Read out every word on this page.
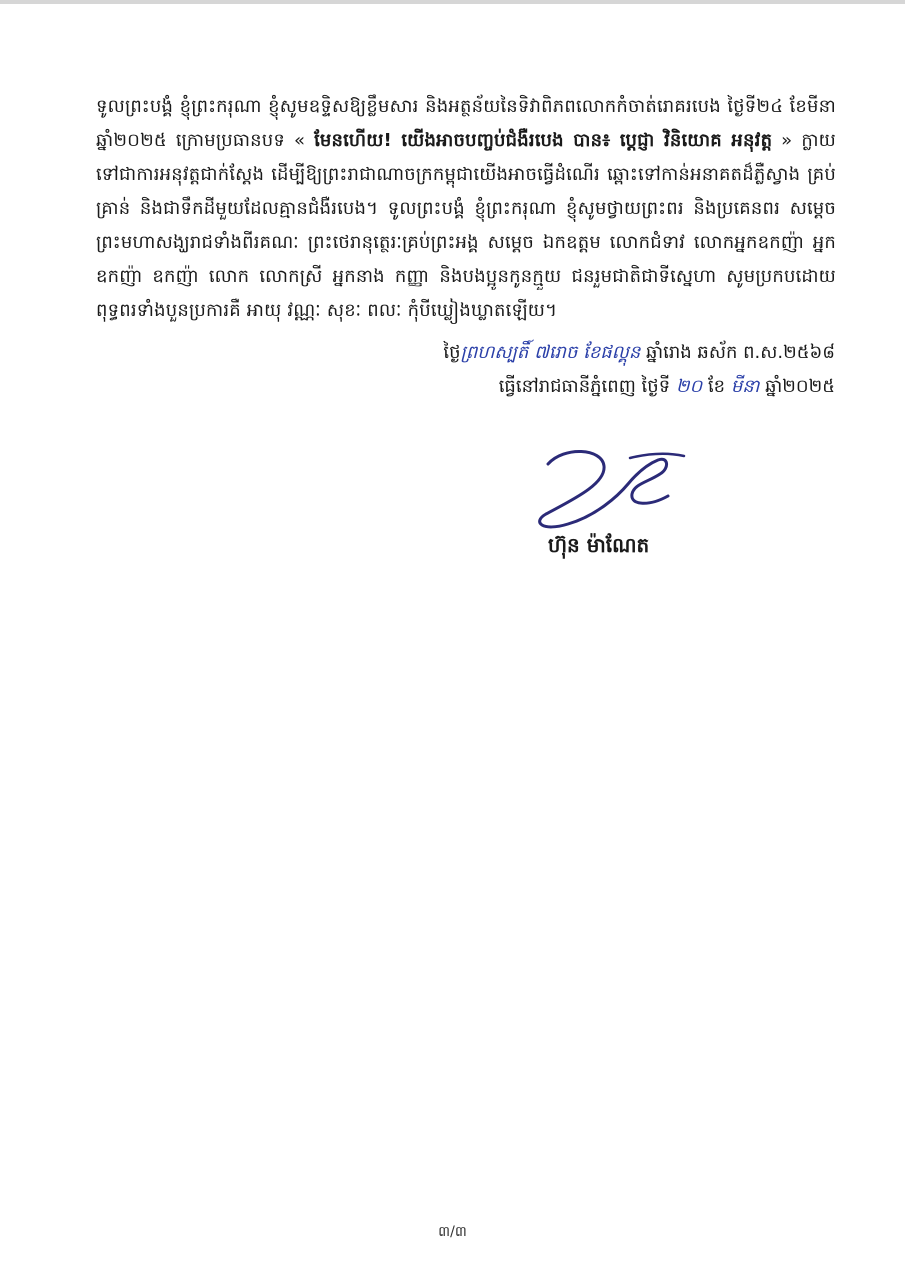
ទូលព្រះបង្គំ ខ្ញុំព្រះករុណា ខ្ញុំសូមឧទ្ទិសឱ្យខ្លឹមសារ និងអត្ថន័យនៃទិវាពិភពលោកកំចាត់រោគរបេង ថ្ងៃទី២៤ ខែមីនា ឆ្នាំ២០២៥ ក្រោមប្រធានបទ « មែនហើយ! យើងអាចបញ្ចប់ជំងឺរបេង បាន៖ ប្ដេជ្ញា វិនិយោគ អនុវត្ត » ក្លាយទៅជាការអនុវត្តជាក់ស្តែង ដើម្បីឱ្យព្រះរាជាណាចក្រកម្ពុជាយើងអាចធ្វើដំណើរ ឆ្ពោះទៅកាន់អនាគតដ៏ភ្លឺស្វាង គ្រប់គ្រាន់ និងជាទឹកដីមួយដែលគ្មានជំងឺរបេង។ ទូលព្រះបង្គំ ខ្ញុំព្រះករុណា ខ្ញុំសូមថ្វាយព្រះពរ និងប្រគេនពរ សម្ដេចព្រះមហាសង្ឃរាជទាំងពីរគណៈ ព្រះថេរានុត្ថេរៈគ្រប់ព្រះអង្គ សម្តេច ឯកឧត្តម លោកជំទាវ លោកអ្នកឧកញ៉ា អ្នកឧកញ៉ា ឧកញ៉ា លោក លោកស្រី អ្នកនាង កញ្ញា និងបងប្អូនកូនក្មួយ ជនរួមជាតិជាទីស្នេហា សូមប្រកបដោយពុទ្ធពរទាំងបួនប្រការគឺ អាយុ វណ្ណៈ សុខៈ ពលៈ កុំបីឃ្លៀងឃ្លាតឡើយ។
ថ្ងៃព្រហស្បតិ៍ ៧រោច ខែផល្គុន ឆ្នាំរោង ឆស័ក ព.ស.២៥៦៨
ធ្វើនៅរាជធានីភ្នំពេញ ថ្ងៃទី ២០ ខែ មីនា ឆ្នាំ២០២៥
ហ៊ុន ម៉ាណែត
៣/៣
